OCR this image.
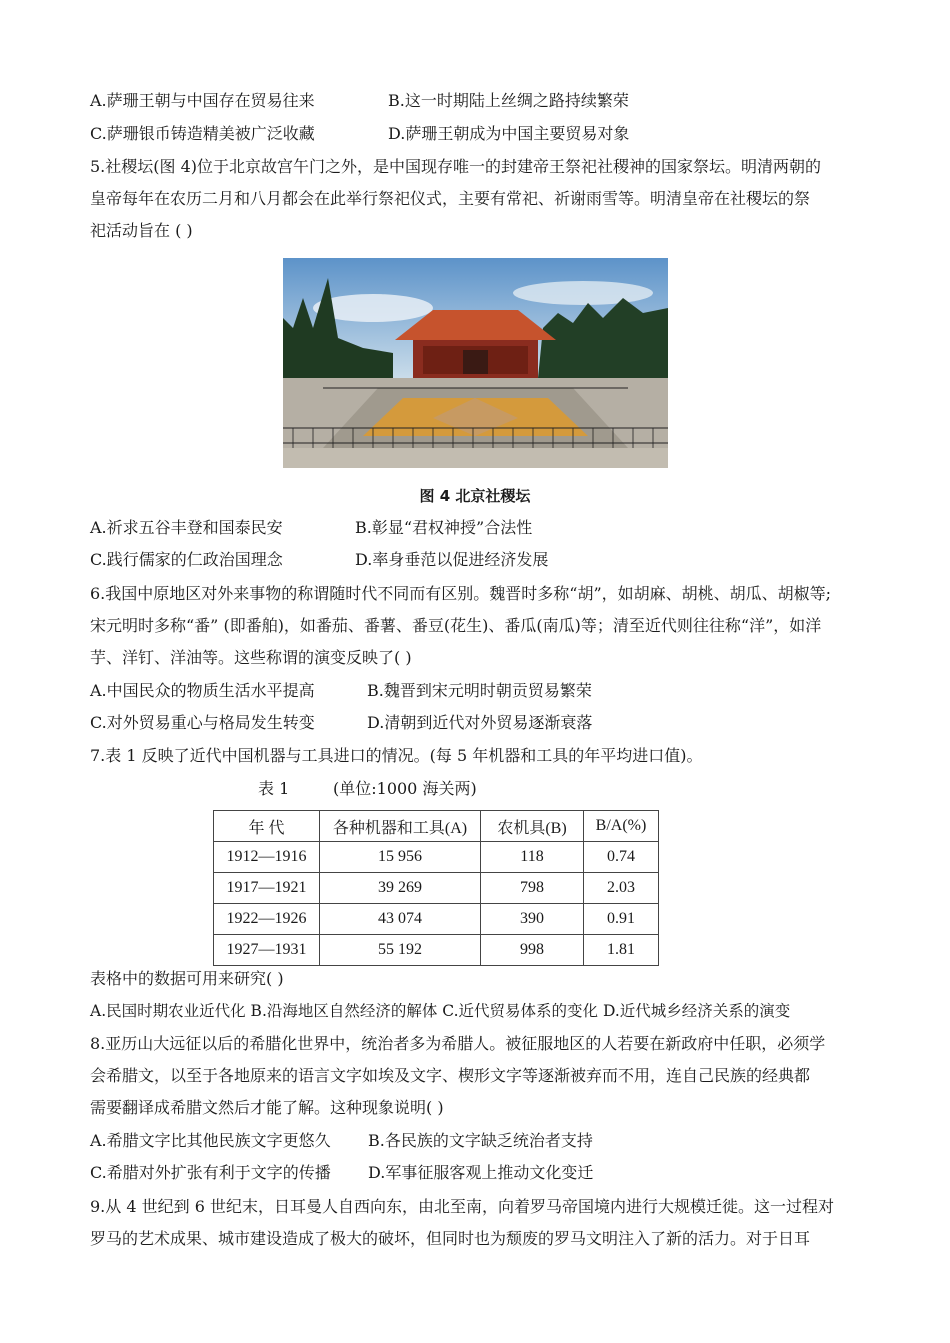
A.萨珊王朝与中国存在贸易往来	B.这一时期陆上丝绸之路持续繁荣
C.萨珊银币铸造精美被广泛收藏	D.萨珊王朝成为中国主要贸易对象
5.社稷坛(图 4)位于北京故宫午门之外，是中国现存唯一的封建帝王祭祀社稷神的国家祭坛。明清两朝的
皇帝每年在农历二月和八月都会在此举行祭祀仪式，主要有常祀、祈谢雨雪等。明清皇帝在社稷坛的祭
祀活动旨在 ( )
图 4 北京社稷坛
A.祈求五谷丰登和国泰民安	B.彰显“君权神授”合法性
C.践行儒家的仁政治国理念	D.率身垂范以促进经济发展
6.我国中原地区对外来事物的称谓随时代不同而有区别。魏晋时多称“胡”，如胡麻、胡桃、胡瓜、胡椒等;
宋元明时多称“番” (即番舶)，如番茄、番薯、番豆(花生)、番瓜(南瓜)等；清至近代则往往称“洋”，如洋
芋、洋钉、洋油等。这些称谓的演变反映了( )
A.中国民众的物质生活水平提高	B.魏晋到宋元明时朝贡贸易繁荣
C.对外贸易重心与格局发生转变	D.清朝到近代对外贸易逐渐衰落
7.表 1 反映了近代中国机器与工具进口的情况。(每 5 年机器和工具的年平均进口值)。
表 1	(单位:1000 海关两)
年 代	各种机器和工具(A)	农机具(B)	B/A(%)
1912—1916	15 956	118	0.74
1917—1921	39 269	798	2.03
1922—1926	43 074	390	0.91
1927—1931	55 192	998	1.81
表格中的数据可用来研究( )
A.民国时期农业近代化 B.沿海地区自然经济的解体 C.近代贸易体系的变化 D.近代城乡经济关系的演变
8.亚历山大远征以后的希腊化世界中，统治者多为希腊人。被征服地区的人若要在新政府中任职，必须学
会希腊文，以至于各地原来的语言文字如埃及文字、楔形文字等逐渐被弃而不用，连自己民族的经典都
需要翻译成希腊文然后才能了解。这种现象说明( )
A.希腊文字比其他民族文字更悠久 B.各民族的文字缺乏统治者支持
C.希腊对外扩张有利于文字的传播 D.军事征服客观上推动文化变迁
9.从 4 世纪到 6 世纪末，日耳曼人自西向东，由北至南，向着罗马帝国境内进行大规模迁徙。这一过程对
罗马的艺术成果、城市建设造成了极大的破坏，但同时也为颓废的罗马文明注入了新的活力。对于日耳
